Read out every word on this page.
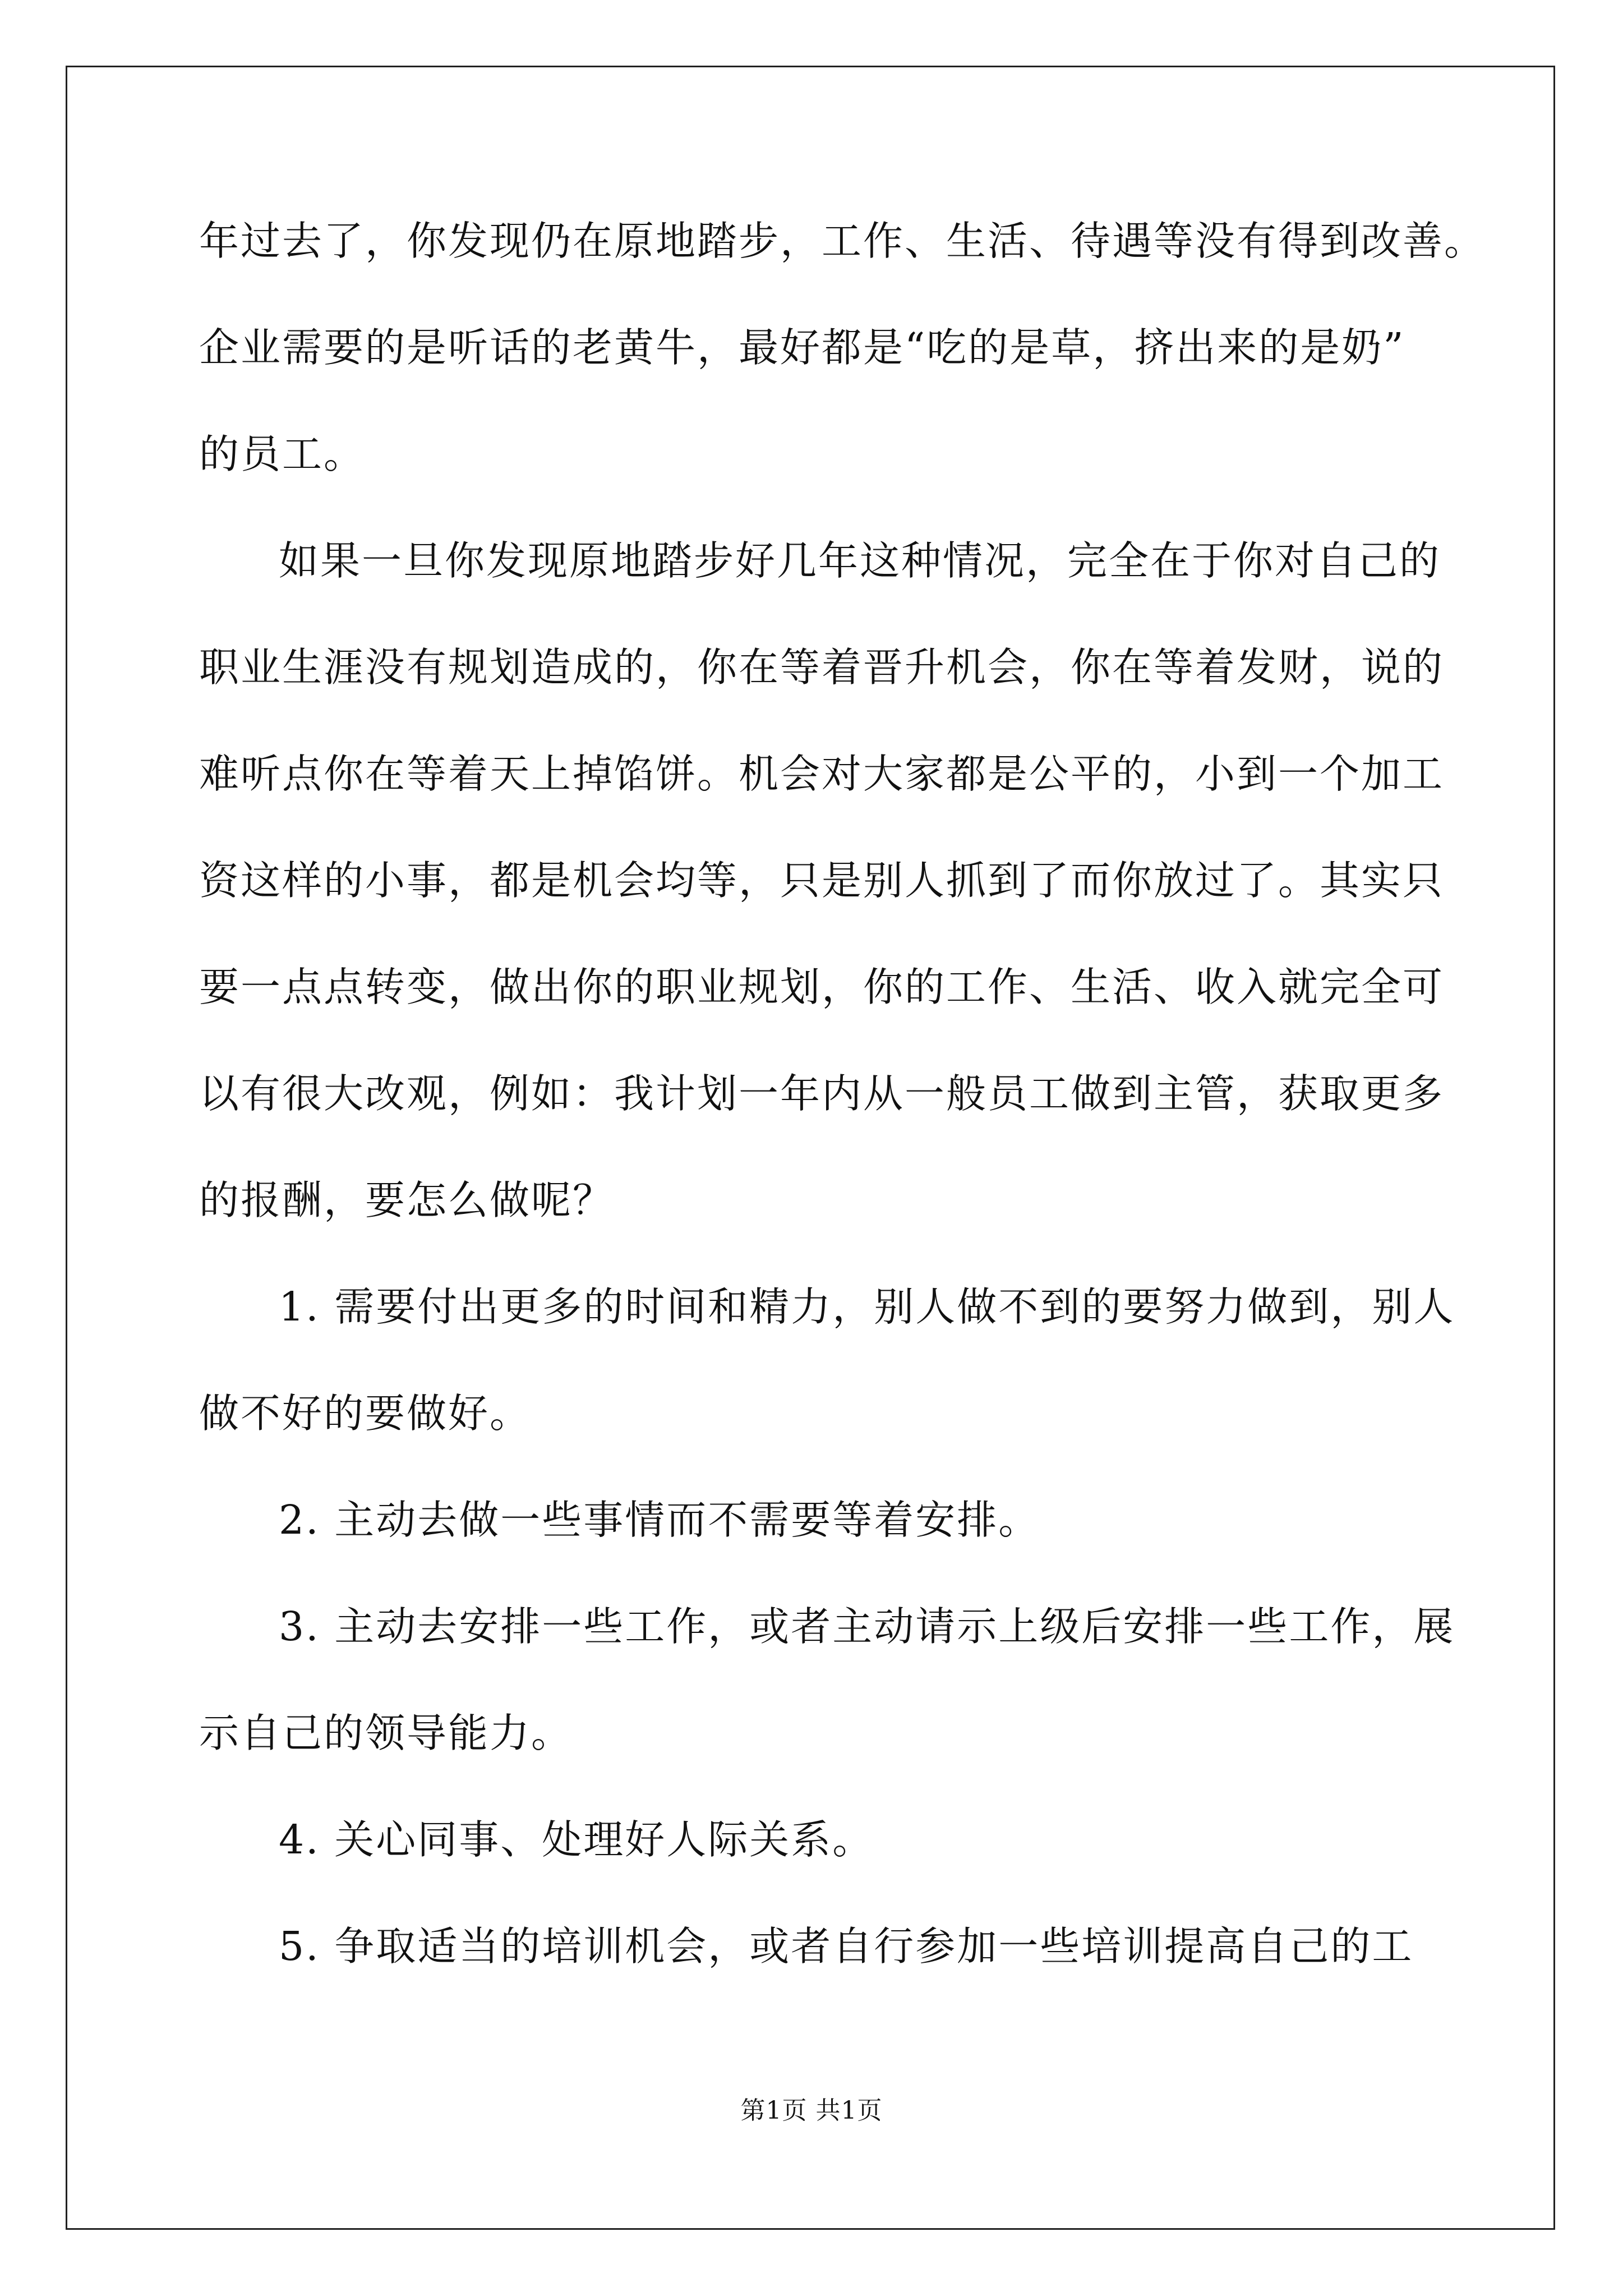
年过去了，你发现仍在原地踏步，工作、生活、待遇等没有得到改善。
企业需要的是听话的老黄牛，最好都是“吃的是草，挤出来的是奶”
的员工。
如果一旦你发现原地踏步好几年这种情况，完全在于你对自己的
职业生涯没有规划造成的，你在等着晋升机会，你在等着发财，说的
难听点你在等着天上掉馅饼。机会对大家都是公平的，小到一个加工
资这样的小事，都是机会均等，只是别人抓到了而你放过了。其实只
要一点点转变，做出你的职业规划，你的工作、生活、收入就完全可
以有很大改观，例如：我计划一年内从一般员工做到主管，获取更多
的报酬，要怎么做呢？
1. 需要付出更多的时间和精力，别人做不到的要努力做到，别人
做不好的要做好。
2. 主动去做一些事情而不需要等着安排。
3. 主动去安排一些工作，或者主动请示上级后安排一些工作，展
示自己的领导能力。
4. 关心同事、处理好人际关系。
5. 争取适当的培训机会，或者自行参加一些培训提高自己的工
第1页 共1页
